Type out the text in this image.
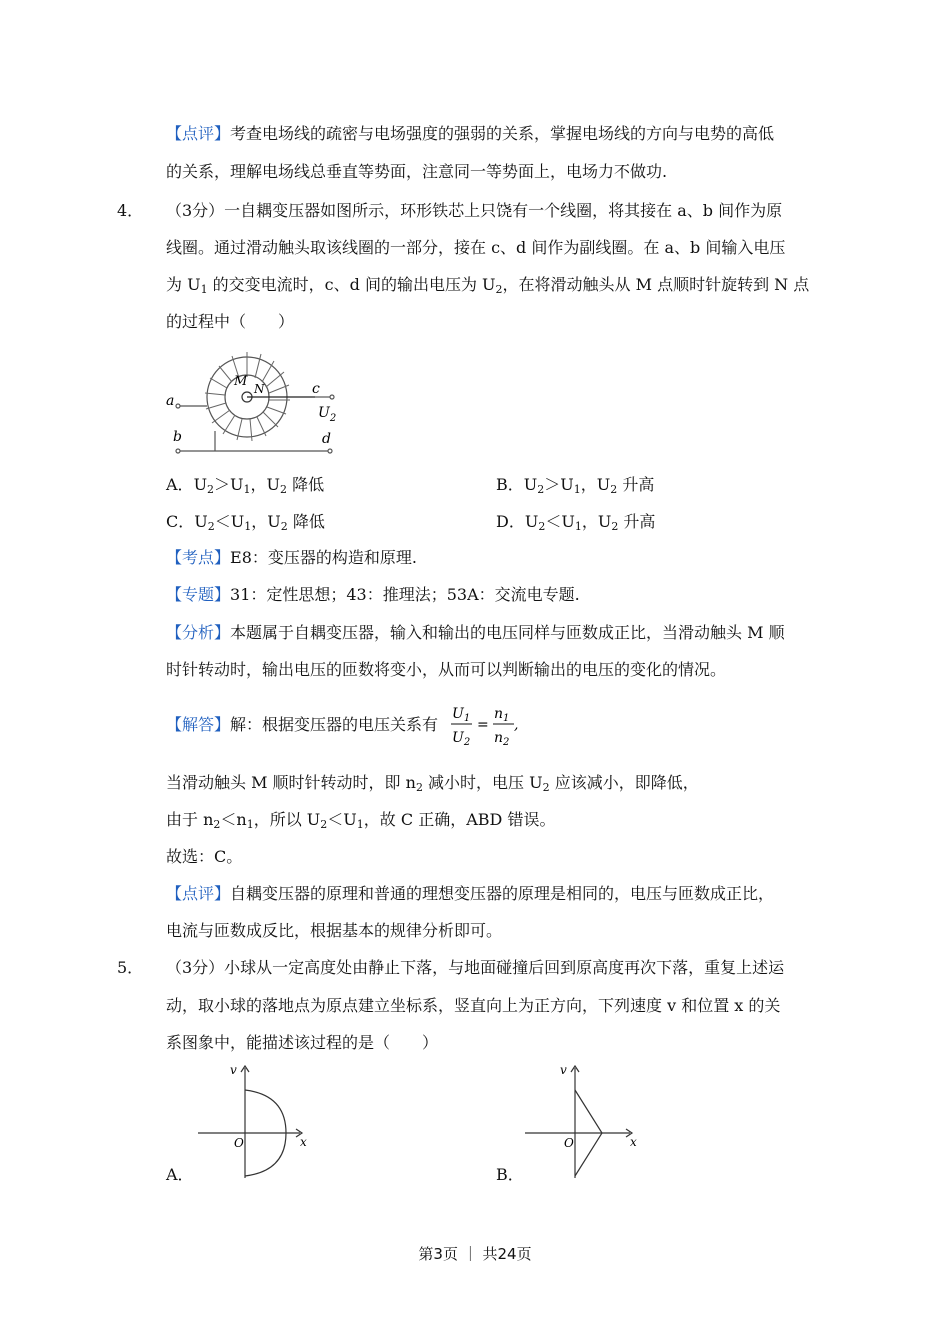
【点评】考查电场线的疏密与电场强度的强弱的关系，掌握电场线的方向与电势的高低
的关系，理解电场线总垂直等势面，注意同一等势面上，电场力不做功.
4． （3分）一自耦变压器如图所示，环形铁芯上只饶有一个线圈，将其接在 a、b 间作为原
线圈。通过滑动触头取该线圈的一部分，接在 c、d 间作为副线圈。在 a、b 间输入电压
为 $U_1$ 的交变电流时，c、d 间的输出电压为 $U_2$，在将滑动触头从 M 点顺时针旋转到 N 点
的过程中（　　）
M N
a
b
c
d
$U_2$
A．$U_2>U_1$，$U_2$ 降低	B．$U_2>U_1$，$U_2$ 升高
C．$U_2<U_1$，$U_2$ 降低	D．$U_2<U_1$，$U_2$ 升高
【考点】E8：变压器的构造和原理.
【专题】31：定性思想；43：推理法；53A：交流电专题.
【分析】本题属于自耦变压器，输入和输出的电压同样与匝数成正比，当滑动触头 M 顺
时针转动时，输出电压的匝数将变小，从而可以判断输出的电压的变化的情况。
【解答】解：根据变压器的电压关系有
$U_1$
$U_2$
=
$n_1$
$n_2$
,
当滑动触头 M 顺时针转动时，即 $n_2$ 减小时，电压 $U_2$ 应该减小，即降低，
由于 $n_2<n_1$，所以 $U_2<U_1$，故 C 正确，ABD 错误。
故选：C。
【点评】自耦变压器的原理和普通的理想变压器的原理是相同的，电压与匝数成正比，
电流与匝数成反比，根据基本的规律分析即可。
5． （3分）小球从一定高度处由静止下落，与地面碰撞后回到原高度再次下落，重复上述运
动，取小球的落地点为原点建立坐标系，竖直向上为正方向，下列速度 v 和位置 x 的关
系图象中，能描述该过程的是（　　）
v
x
O
A．
v
x
O
B．
第3页 ｜ 共24页
